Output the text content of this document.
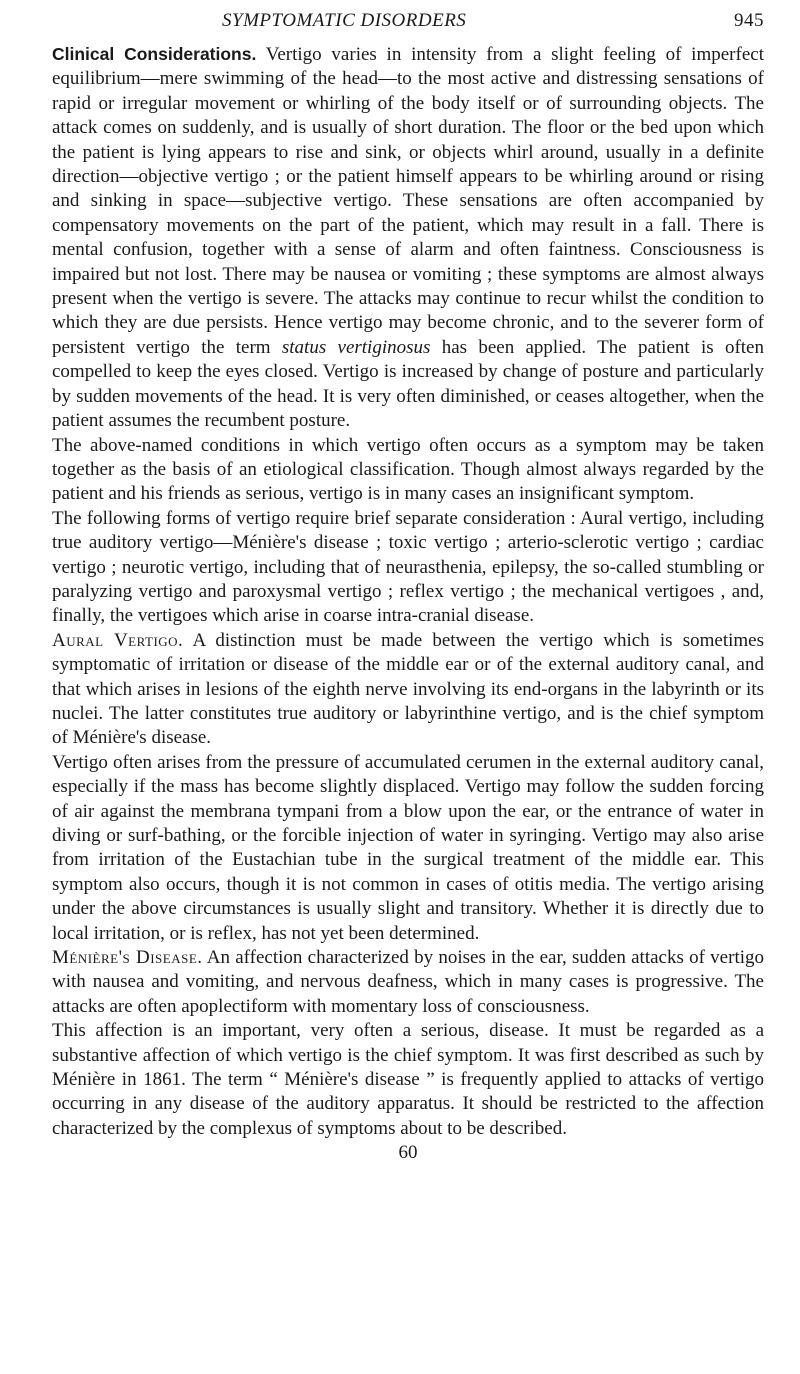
SYMPTOMATIC DISORDERS	945

Clinical Considerations. Vertigo varies in intensity from a slight feeling of imperfect equilibrium—mere swimming of the head—to the most active and distressing sensations of rapid or irregular movement or whirling of the body itself or of surrounding objects. The attack comes on suddenly, and is usually of short duration. The floor or the bed upon which the patient is lying appears to rise and sink, or objects whirl around, usually in a definite direction—objective vertigo ; or the patient himself appears to be whirling around or rising and sinking in space—subjective vertigo. These sensations are often accompanied by compensatory movements on the part of the patient, which may result in a fall. There is mental confusion, together with a sense of alarm and often faintness. Consciousness is impaired but not lost. There may be nausea or vomiting ; these symptoms are almost always present when the vertigo is severe. The attacks may continue to recur whilst the condition to which they are due persists. Hence vertigo may become chronic, and to the severer form of persistent vertigo the term status vertiginosus has been applied. The patient is often compelled to keep the eyes closed. Vertigo is increased by change of posture and particularly by sudden movements of the head. It is very often diminished, or ceases altogether, when the patient assumes the recumbent posture.

The above-named conditions in which vertigo often occurs as a symptom may be taken together as the basis of an etiological classification. Though almost always regarded by the patient and his friends as serious, vertigo is in many cases an insignificant symptom.

The following forms of vertigo require brief separate consideration : Aural vertigo, including true auditory vertigo—Ménière's disease ; toxic vertigo ; arterio-sclerotic vertigo ; cardiac vertigo ; neurotic vertigo, including that of neurasthenia, epilepsy, the so-called stumbling or paralyzing vertigo and paroxysmal vertigo ; reflex vertigo ; the mechanical vertigoes , and, finally, the vertigoes which arise in coarse intra-cranial disease.

Aural Vertigo. A distinction must be made between the vertigo which is sometimes symptomatic of irritation or disease of the middle ear or of the external auditory canal, and that which arises in lesions of the eighth nerve involving its end-organs in the labyrinth or its nuclei. The latter constitutes true auditory or labyrinthine vertigo, and is the chief symptom of Ménière's disease.

Vertigo often arises from the pressure of accumulated cerumen in the external auditory canal, especially if the mass has become slightly displaced. Vertigo may follow the sudden forcing of air against the membrana tympani from a blow upon the ear, or the entrance of water in diving or surf-bathing, or the forcible injection of water in syringing. Vertigo may also arise from irritation of the Eustachian tube in the surgical treatment of the middle ear. This symptom also occurs, though it is not common in cases of otitis media. The vertigo arising under the above circumstances is usually slight and transitory. Whether it is directly due to local irritation, or is reflex, has not yet been determined.

Ménière's Disease. An affection characterized by noises in the ear, sudden attacks of vertigo with nausea and vomiting, and nervous deafness, which in many cases is progressive. The attacks are often apoplectiform with momentary loss of consciousness.

This affection is an important, very often a serious, disease. It must be regarded as a substantive affection of which vertigo is the chief symptom. It was first described as such by Ménière in 1861. The term “ Ménière's disease ” is frequently applied to attacks of vertigo occurring in any disease of the auditory apparatus. It should be restricted to the affection characterized by the complexus of symptoms about to be described.

60
